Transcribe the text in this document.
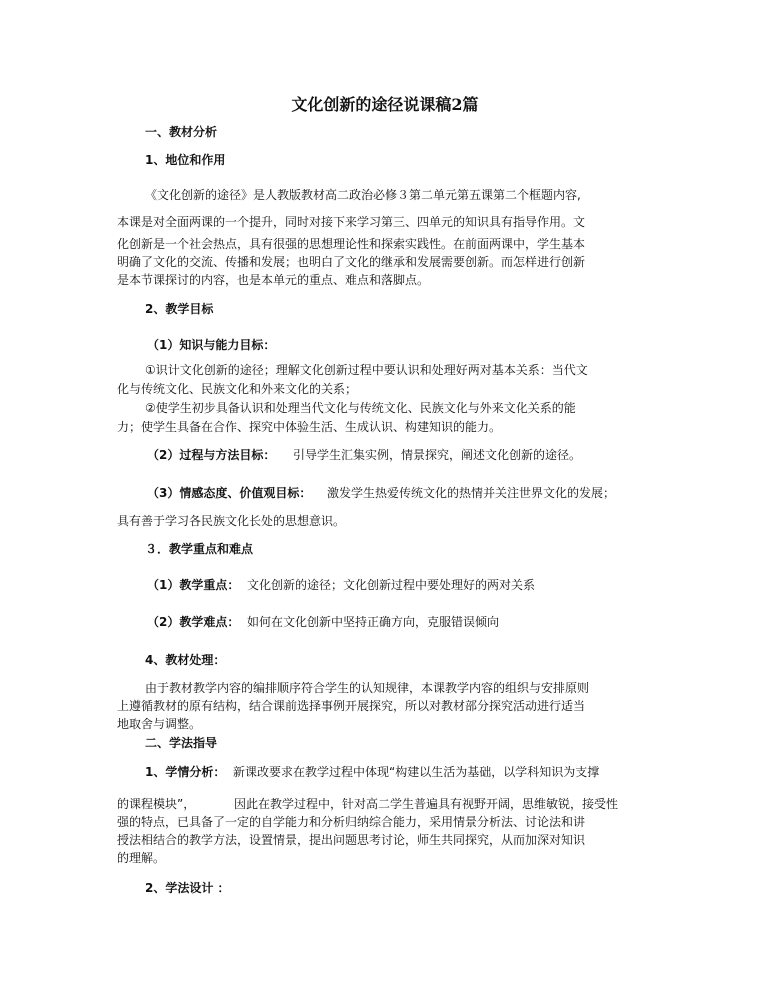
文化创新的途径说课稿2篇
一、教材分析
1、地位和作用
《文化创新的途径》是人教版教材高二政治必修３第二单元第五课第二个框题内容,
本课是对全面两课的一个提升，同时对接下来学习第三、四单元的知识具有指导作用。文
化创新是一个社会热点，具有很强的思想理论性和探索实践性。在前面两课中，学生基本
明确了文化的交流、传播和发展；也明白了文化的继承和发展需要创新。而怎样进行创新
是本节课探讨的内容，也是本单元的重点、难点和落脚点。
2、教学目标
（1）知识与能力目标：
①识计文化创新的途径；理解文化创新过程中要认识和处理好两对基本关系：当代文
化与传统文化、民族文化和外来文化的关系；
②使学生初步具备认识和处理当代文化与传统文化、民族文化与外来文化关系的能
力；使学生具备在合作、探究中体验生活、生成认识、构建知识的能力。
（2）过程与方法目标：	引导学生汇集实例，情景探究，阐述文化创新的途径。
（3）情感态度、价值观目标：	激发学生热爱传统文化的热情并关注世界文化的发展；
具有善于学习各民族文化长处的思想意识。
３．教学重点和难点
（1）教学重点： 文化创新的途径；文化创新过程中要处理好的两对关系
（2）教学难点： 如何在文化创新中坚持正确方向，克服错误倾向
4、教材处理：
由于教材教学内容的编排顺序符合学生的认知规律，本课教学内容的组织与安排原则
上遵循教材的原有结构，结合课前选择事例开展探究，所以对教材部分探究活动进行适当
地取舍与调整。
二、学法指导
1、学情分析： 新课改要求在教学过程中体现“构建以生活为基础，以学科知识为支撑
的课程模块”，	因此在教学过程中，针对高二学生普遍具有视野开阔，思维敏锐，接受性
强的特点，已具备了一定的自学能力和分析归纳综合能力，采用情景分析法、讨论法和讲
授法相结合的教学方法，设置情景，提出问题思考讨论，师生共同探究，从而加深对知识
的理解。
2、学法设计 ：
